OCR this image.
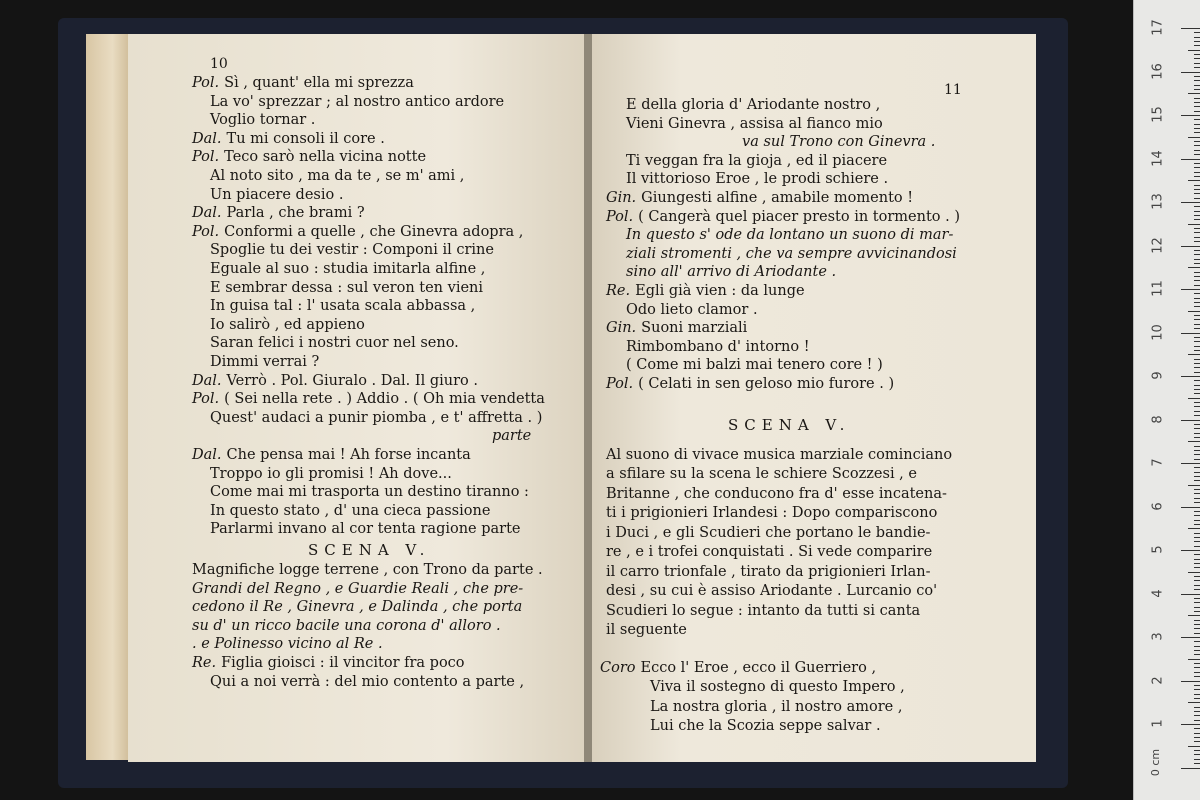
10
Pol. Sì , quant' ella mi sprezza
La vo' sprezzar ; al nostro antico ardore
Voglio tornar .
Dal. Tu mi consoli il core .
Pol. Teco sarò nella vicina notte
Al noto sito , ma da te , se m' ami ,
Un piacere desio .
Dal. Parla , che brami ?
Pol. Conformi a quelle , che Ginevra adopra ,
Spoglie tu dei vestir : Componi il crine
Eguale al suo : studia imitarla alfine ,
E sembrar dessa : sul veron ten vieni
In guisa tal : l' usata scala abbassa ,
Io salirò , ed appieno
Saran felici i nostri cuor nel seno.
Dimmi verrai ?
Dal. Verrò . Pol. Giuralo . Dal. Il giuro .
Pol. ( Sei nella rete . ) Addio . ( Oh mia vendetta
Quest' audaci a punir piomba , e t' affretta . )
parte
Dal. Che pensa mai ! Ah forse incanta
Troppo io gli promisi ! Ah dove...
Come mai mi trasporta un destino tiranno :
In questo stato , d' una cieca passione
Parlarmi invano al cor tenta ragione parte
SCENA V.
Magnifiche logge terrene , con Trono da parte .
Grandi del Regno , e Guardie Reali , che pre-
cedono il Re , Ginevra , e Dalinda , che porta
su d' un ricco bacile una corona d' alloro .
. e Polinesso vicino al Re .
Re. Figlia gioisci : il vincitor fra poco
Qui a noi verrà : del mio contento a parte ,
11
E della gloria d' Ariodante nostro ,
Vieni Ginevra , assisa al fianco mio
va sul Trono con Ginevra .
Ti veggan fra la gioja , ed il piacere
Il vittorioso Eroe , le prodi schiere .
Gin. Giungesti alfine , amabile momento !
Pol. ( Cangerà quel piacer presto in tormento . )
In questo s' ode da lontano un suono di mar-
ziali stromenti , che va sempre avvicinandosi
sino all' arrivo di Ariodante .
Re. Egli già vien : da lunge
Odo lieto clamor .
Gin. Suoni marziali
Rimbombano d' intorno !
( Come mi balzi mai tenero core ! )
Pol. ( Celati in sen geloso mio furore . )
SCENA V.
Al suono di vivace musica marziale cominciano
a sfilare su la scena le schiere Scozzesi , e
Britanne , che conducono fra d' esse incatena-
ti i prigionieri Irlandesi : Dopo compariscono
i Duci , e gli Scudieri che portano le bandie-
re , e i trofei conquistati . Si vede comparire
il carro trionfale , tirato da prigionieri Irlan-
desi , su cui è assiso Ariodante . Lurcanio co'
Scudieri lo segue : intanto da tutti si canta
il seguente
Coro Ecco l' Eroe , ecco il Guerriero ,
Viva il sostegno di questo Impero ,
La nostra gloria , il nostro amore ,
Lui che la Scozia seppe salvar .
0 cm
17
16
15
14
13
12
11
10
9
8
7
6
5
4
3
2
1
